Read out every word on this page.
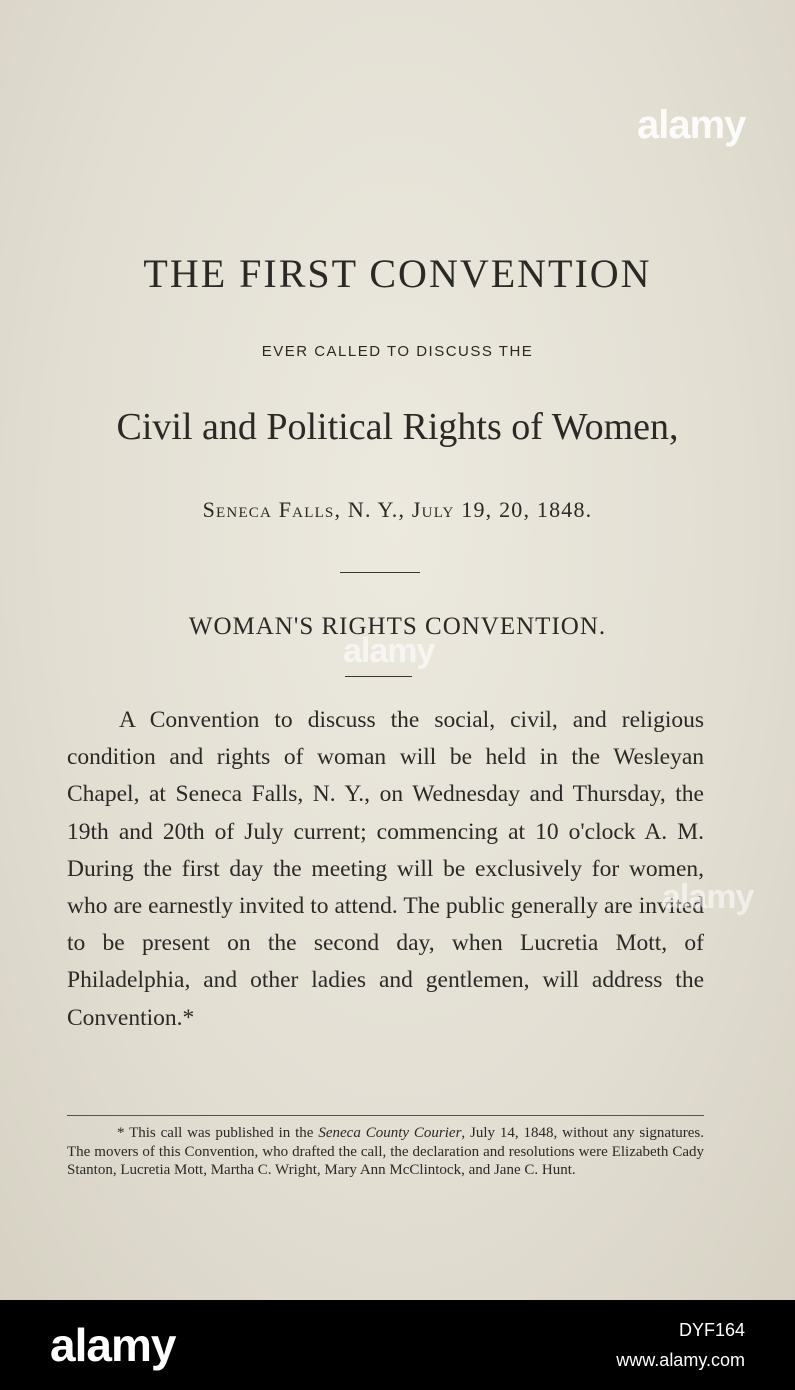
THE FIRST CONVENTION
EVER CALLED TO DISCUSS THE
Civil and Political Rights of Women,
Seneca Falls, N. Y., July 19, 20, 1848.
WOMAN'S RIGHTS CONVENTION.

A Convention to discuss the social, civil, and religious condition and rights of woman will be held in the Wesleyan Chapel, at Seneca Falls, N. Y., on Wednesday and Thursday, the 19th and 20th of July current; commencing at 10 o'clock A. M. During the first day the meeting will be exclusively for women, who are earnestly invited to attend. The public generally are invited to be present on the second day, when Lucretia Mott, of Philadelphia, and other ladies and gentlemen, will address the Convention.*

* This call was published in the Seneca County Courier, July 14, 1848, without any signatures. The movers of this Convention, who drafted the call, the declaration and resolutions were Elizabeth Cady Stanton, Lucretia Mott, Martha C. Wright, Mary Ann McClintock, and Jane C. Hunt.

alamy
alamy
alamy
alamy	DYF164
www.alamy.com
